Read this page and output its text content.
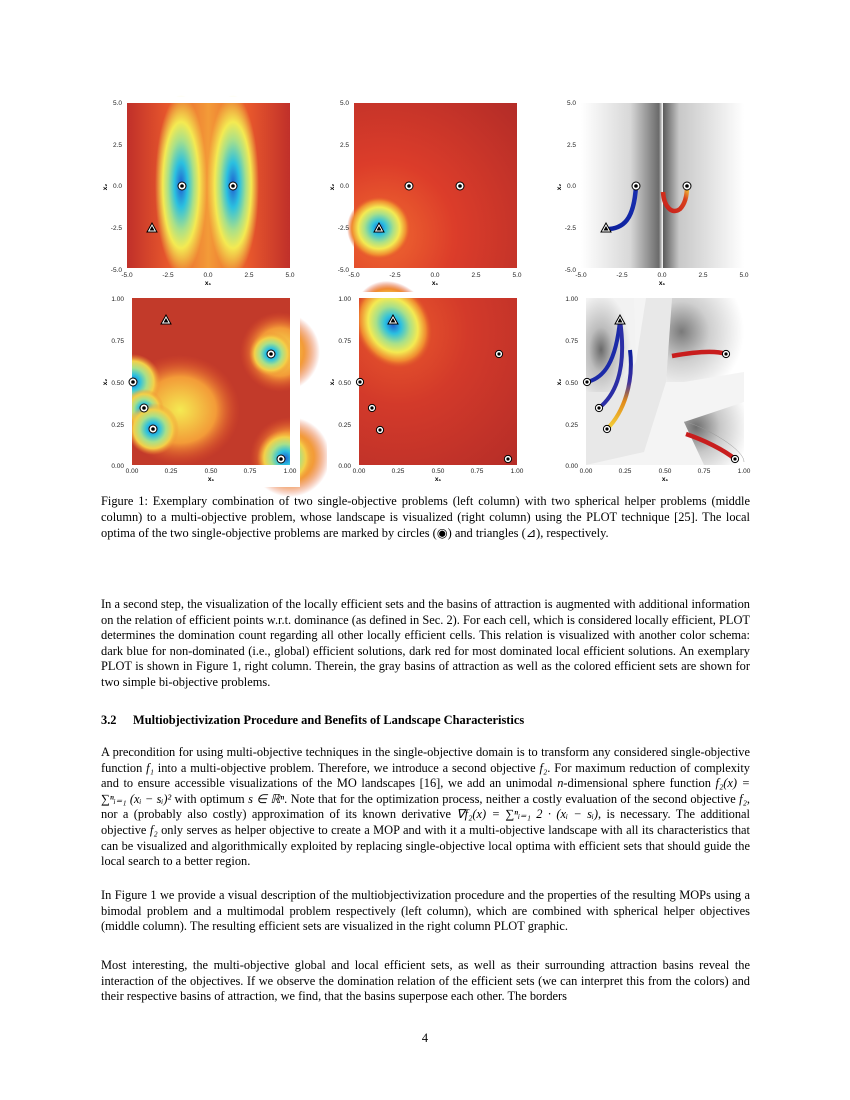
5.0
2.5
0.0
-2.5
-5.0
-5.0	-2.5	0.0	2.5	5.0
x₁
x₂
5.0
2.5
0.0
-2.5
-5.0
-5.0	-2.5	0.0	2.5	5.0
x₁
x₂
5.0
2.5
0.0
-2.5
-5.0
-5.0	-2.5	0.0	2.5	5.0
x₁
x₂
1.00
0.75
0.50
0.25
0.00
0.00	0.25	0.50	0.75	1.00
x₁
x₂
1.00
0.75
0.50
0.25
0.00
0.00	0.25	0.50	0.75	1.00
x₁
x₂
1.00
0.75
0.50
0.25
0.00
0.00	0.25	0.50	0.75	1.00
x₁
x₂
Figure 1: Exemplary combination of two single-objective problems (left column) with two spherical helper problems (middle column) to a multi-objective problem, whose landscape is visualized (right column) using the PLOT technique [25]. The local optima of the two single-objective problems are marked by circles (◉) and triangles (⊿), respectively.

In a second step, the visualization of the locally efficient sets and the basins of attraction is augmented with additional information on the relation of efficient points w.r.t. dominance (as defined in Sec. 2). For each cell, which is considered locally efficient, PLOT determines the domination count regarding all other locally efficient cells. This relation is visualized with another color schema: dark blue for non-dominated (i.e., global) efficient solutions, dark red for most dominated local efficient solutions. An exemplary PLOT is shown in Figure 1, right column. Therein, the gray basins of attraction as well as the colored efficient sets are shown for two simple bi-objective problems.

3.2 Multiobjectivization Procedure and Benefits of Landscape Characteristics

A precondition for using multi-objective techniques in the single-objective domain is to transform any considered single-objective function f₁ into a multi-objective problem. Therefore, we introduce a second objective f₂. For maximum reduction of complexity and to ensure accessible visualizations of the MO landscapes [16], we add an unimodal n-dimensional sphere function f₂(x) = ∑ⁿᵢ₌₁ (xᵢ − sᵢ)² with optimum s ∈ ℝⁿ. Note that for the optimization process, neither a costly evaluation of the second objective f₂, nor a (probably also costly) approximation of its known derivative ∇f₂(x) = ∑ⁿᵢ₌₁ 2 · (xᵢ − sᵢ), is necessary. The additional objective f₂ only serves as helper objective to create a MOP and with it a multi-objective landscape with all its characteristics that can be visualized and algorithmically exploited by replacing single-objective local optima with efficient sets that should guide the local search to a better region.

In Figure 1 we provide a visual description of the multiobjectivization procedure and the properties of the resulting MOPs using a bimodal problem and a multimodal problem respectively (left column), which are combined with spherical helper objectives (middle column). The resulting efficient sets are visualized in the right column PLOT graphic.

Most interesting, the multi-objective global and local efficient sets, as well as their surrounding attraction basins reveal the interaction of the objectives. If we observe the domination relation of the efficient sets (we can interpret this from the colors) and their respective basins of attraction, we find, that the basins superpose each other. The borders

4
